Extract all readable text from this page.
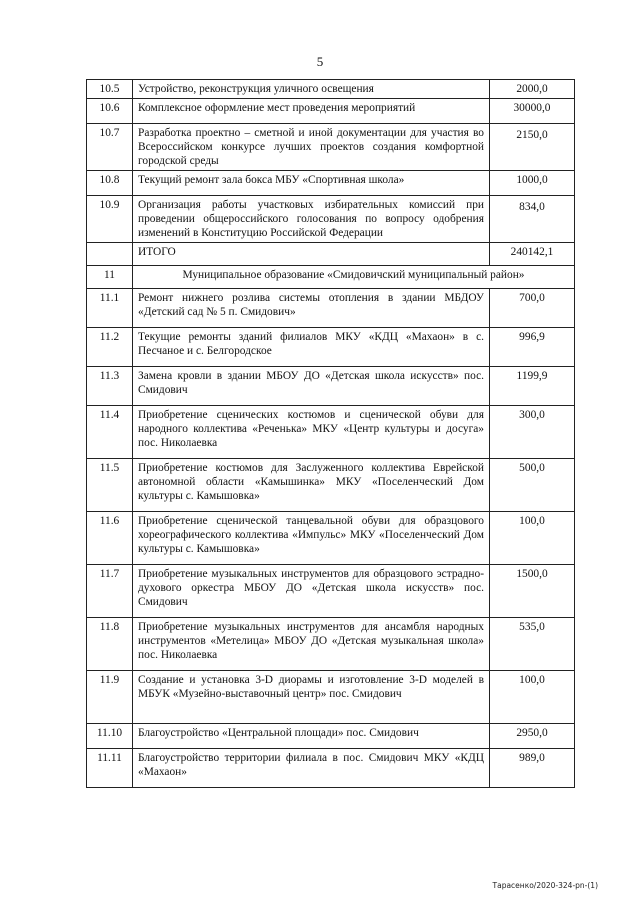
5
10.5	Устройство, реконструкция уличного освещения	2000,0
10.6	Комплексное оформление мест проведения мероприятий	30000,0
10.7	Разработка проектно – сметной и иной документации для участия во Всероссийском конкурсе лучших проектов создания комфортной городской среды	2150,0
10.8	Текущий ремонт зала бокса МБУ «Спортивная школа»	1000,0
10.9	Организация работы участковых избирательных комиссий при проведении общероссийского голосования по вопросу одобрения изменений в Конституцию Российской Федерации	834,0
	ИТОГО	240142,1
11	Муниципальное образование «Смидовичский муниципальный район»	
11.1	Ремонт нижнего розлива системы отопления в здании МБДОУ «Детский сад № 5 п. Смидович»	700,0
11.2	Текущие ремонты зданий филиалов МКУ «КДЦ «Махаон» в с. Песчаное и с. Белгородское	996,9
11.3	Замена кровли в здании МБОУ ДО «Детская школа искусств» пос. Смидович	1199,9
11.4	Приобретение сценических костюмов и сценической обуви для народного коллектива «Реченька» МКУ «Центр культуры и досуга» пос. Николаевка	300,0
11.5	Приобретение костюмов для Заслуженного коллектива Еврейской автономной области «Камышинка» МКУ «Поселенческий Дом культуры с. Камышовка»	500,0
11.6	Приобретение сценической танцевальной обуви для образцового хореографического коллектива «Импульс» МКУ «Поселенческий Дом культуры с. Камышовка»	100,0
11.7	Приобретение музыкальных инструментов для образцового эстрадно-духового оркестра МБОУ ДО «Детская школа искусств» пос. Смидович	1500,0
11.8	Приобретение музыкальных инструментов для ансамбля народных инструментов «Метелица» МБОУ ДО «Детская музыкальная школа» пос. Николаевка	535,0
11.9	Создание и установка 3-D диорамы и изготовление 3-D моделей в МБУК «Музейно-выставочный центр» пос. Смидович	100,0
11.10	Благоустройство «Центральной площади» пос. Смидович	2950,0
11.11	Благоустройство территории филиала в пос. Смидович МКУ «КДЦ «Махаон»	989,0
Тарасенко/2020-324-pn-(1)
